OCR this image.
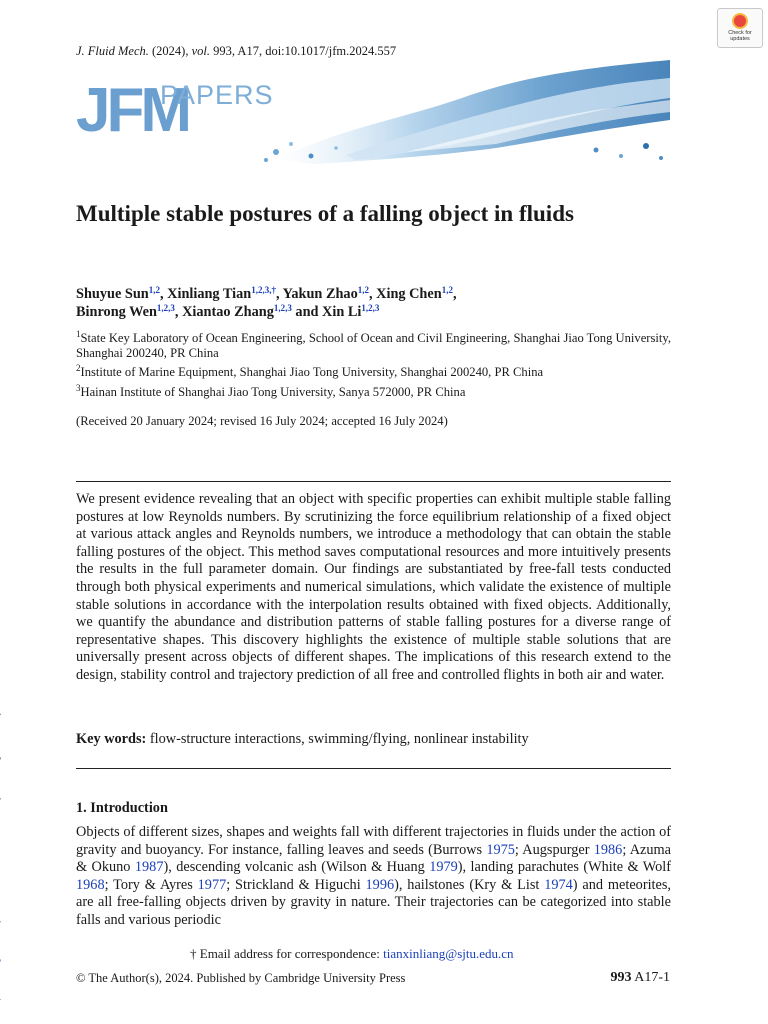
J. Fluid Mech. (2024), vol. 993, A17, doi:10.1017/jfm.2024.557
Check for
updates
JFM
PAPERS
Multiple stable postures of a falling object in fluids
Shuyue Sun$^{1,2}$, Xinliang Tian$^{1,2,3,\dagger}$, Yakun Zhao$^{1,2}$, Xing Chen$^{1,2}$,
Binrong Wen$^{1,2,3}$, Xiantao Zhang$^{1,2,3}$ and Xin Li$^{1,2,3}$
$^1$State Key Laboratory of Ocean Engineering, School of Ocean and Civil Engineering, Shanghai Jiao Tong University, Shanghai 200240, PR China
$^2$Institute of Marine Equipment, Shanghai Jiao Tong University, Shanghai 200240, PR China
$^3$Hainan Institute of Shanghai Jiao Tong University, Sanya 572000, PR China
(Received 20 January 2024; revised 16 July 2024; accepted 16 July 2024)
We present evidence revealing that an object with specific properties can exhibit multiple stable falling postures at low Reynolds numbers. By scrutinizing the force equilibrium relationship of a fixed object at various attack angles and Reynolds numbers, we introduce a methodology that can obtain the stable falling postures of the object. This method saves computational resources and more intuitively presents the results in the full parameter domain. Our findings are substantiated by free-fall tests conducted through both physical experiments and numerical simulations, which validate the existence of multiple stable solutions in accordance with the interpolation results obtained with fixed objects. Additionally, we quantify the abundance and distribution patterns of stable falling postures for a diverse range of representative shapes. This discovery highlights the existence of multiple stable solutions that are universally present across objects of different shapes. The implications of this research extend to the design, stability control and trajectory prediction of all free and controlled flights in both air and water.
Key words: flow-structure interactions, swimming/flying, nonlinear instability
1. Introduction
Objects of different sizes, shapes and weights fall with different trajectories in fluids under the action of gravity and buoyancy. For instance, falling leaves and seeds (Burrows 1975; Augspurger 1986; Azuma & Okuno 1987), descending volcanic ash (Wilson & Huang 1979), landing parachutes (White & Wolf 1968; Tory & Ayres 1977; Strickland & Higuchi 1996), hailstones (Kry & List 1974) and meteorites, are all free-falling objects driven by gravity in nature. Their trajectories can be categorized into stable falls and various periodic
† Email address for correspondence: tianxinliang@sjtu.edu.cn
© The Author(s), 2024. Published by Cambridge University Press	993 A17-1
